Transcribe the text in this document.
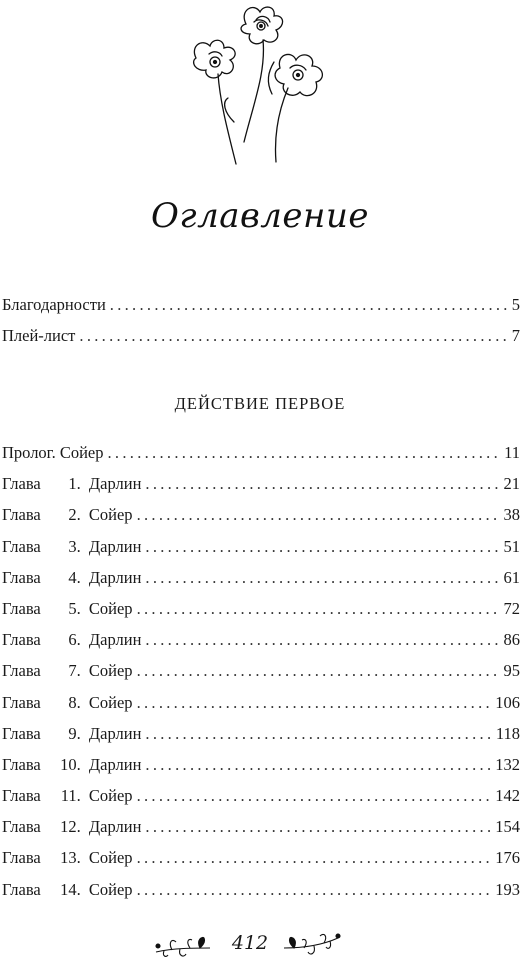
Оглавление
Благодарности .....	5
Плей-лист .....	7
ДЕЙСТВИЕ ПЕРВОЕ
Пролог. Сойер .....	11
Глава 1. Дарлин .....	21
Глава 2. Сойер .....	38
Глава 3. Дарлин .....	51
Глава 4. Дарлин .....	61
Глава 5. Сойер .....	72
Глава 6. Дарлин .....	86
Глава 7. Сойер .....	95
Глава 8. Сойер .....	106
Глава 9. Дарлин .....	118
Глава 10. Дарлин .....	132
Глава 11. Сойер .....	142
Глава 12. Дарлин .....	154
Глава 13. Сойер .....	176
Глава 14. Сойер .....	193
412
